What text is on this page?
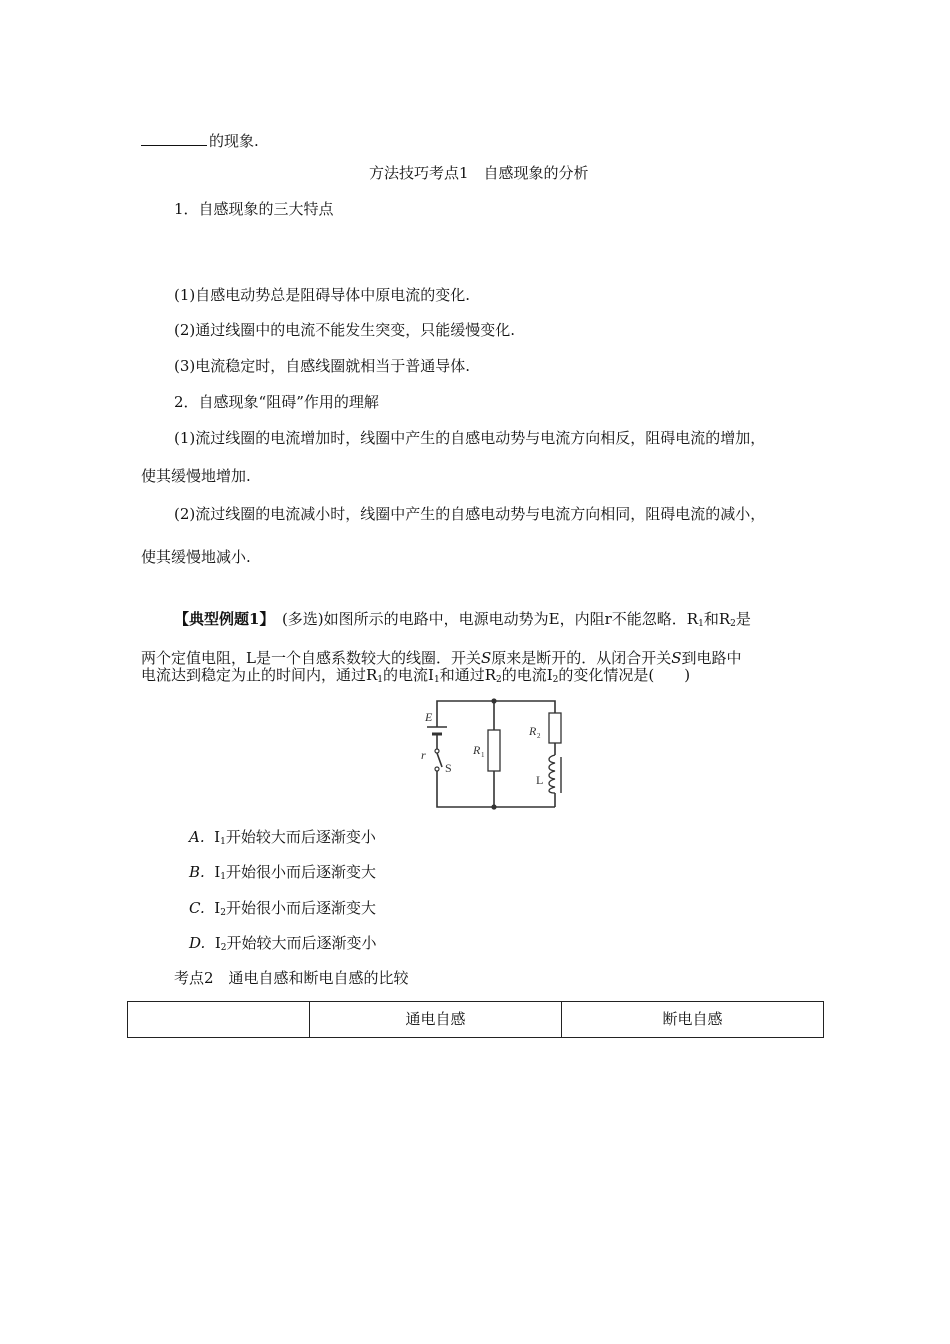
的现象.
方法技巧考点1　自感现象的分析
1．自感现象的三大特点
(1)自感电动势总是阻碍导体中原电流的变化.
(2)通过线圈中的电流不能发生突变，只能缓慢变化.
(3)电流稳定时，自感线圈就相当于普通导体.
2．自感现象“阻碍”作用的理解
(1)流过线圈的电流增加时，线圈中产生的自感电动势与电流方向相反，阻碍电流的增加，
使其缓慢地增加.
(2)流过线圈的电流减小时，线圈中产生的自感电动势与电流方向相同，阻碍电流的减小，
使其缓慢地减小.
【典型例题1】　(多选)如图所示的电路中，电源电动势为E，内阻r不能忽略．$R_1$和$R_2$是
两个定值电阻，L是一个自感系数较大的线圈．开关S原来是断开的．从闭合开关S到电路中
电流达到稳定为止的时间内，通过$R_1$的电流$I_1$和通过$R_2$的电流$I_2$的变化情况是(　　)
E
r
S
R 1
R 2
L
A. $I_1$开始较大而后逐渐变小
B. $I_1$开始很小而后逐渐变大
C. $I_2$开始很小而后逐渐变大
D. $I_2$开始较大而后逐渐变小
考点2　通电自感和断电自感的比较
	通电自感	断电自感
